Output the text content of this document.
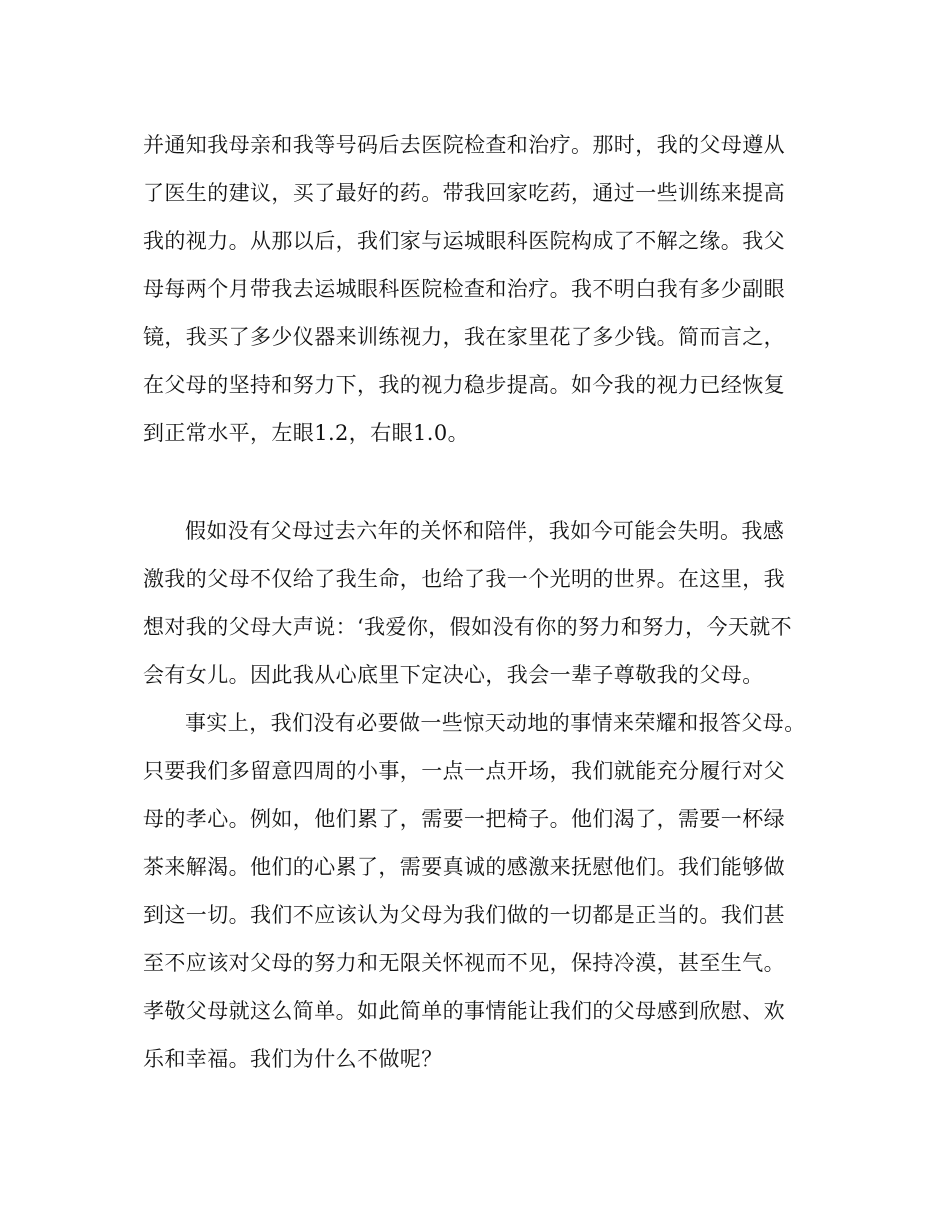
并通知我母亲和我等号码后去医院检查和治疗。那时，我的父母遵从
了医生的建议，买了最好的药。带我回家吃药，通过一些训练来提高
我的视力。从那以后，我们家与运城眼科医院构成了不解之缘。我父
母每两个月带我去运城眼科医院检查和治疗。我不明白我有多少副眼
镜，我买了多少仪器来训练视力，我在家里花了多少钱。简而言之，
在父母的坚持和努力下，我的视力稳步提高。如今我的视力已经恢复
到正常水平，左眼1.2，右眼1.0。
假如没有父母过去六年的关怀和陪伴，我如今可能会失明。我感
激我的父母不仅给了我生命，也给了我一个光明的世界。在这里，我
想对我的父母大声说：‘我爱你，假如没有你的努力和努力，今天就不
会有女儿。因此我从心底里下定决心，我会一辈子尊敬我的父母。
事实上，我们没有必要做一些惊天动地的事情来荣耀和报答父母。
只要我们多留意四周的小事，一点一点开场，我们就能充分履行对父
母的孝心。例如，他们累了，需要一把椅子。他们渴了，需要一杯绿
茶来解渴。他们的心累了，需要真诚的感激来抚慰他们。我们能够做
到这一切。我们不应该认为父母为我们做的一切都是正当的。我们甚
至不应该对父母的努力和无限关怀视而不见，保持冷漠，甚至生气。
孝敬父母就这么简单。如此简单的事情能让我们的父母感到欣慰、欢
乐和幸福。我们为什么不做呢？
